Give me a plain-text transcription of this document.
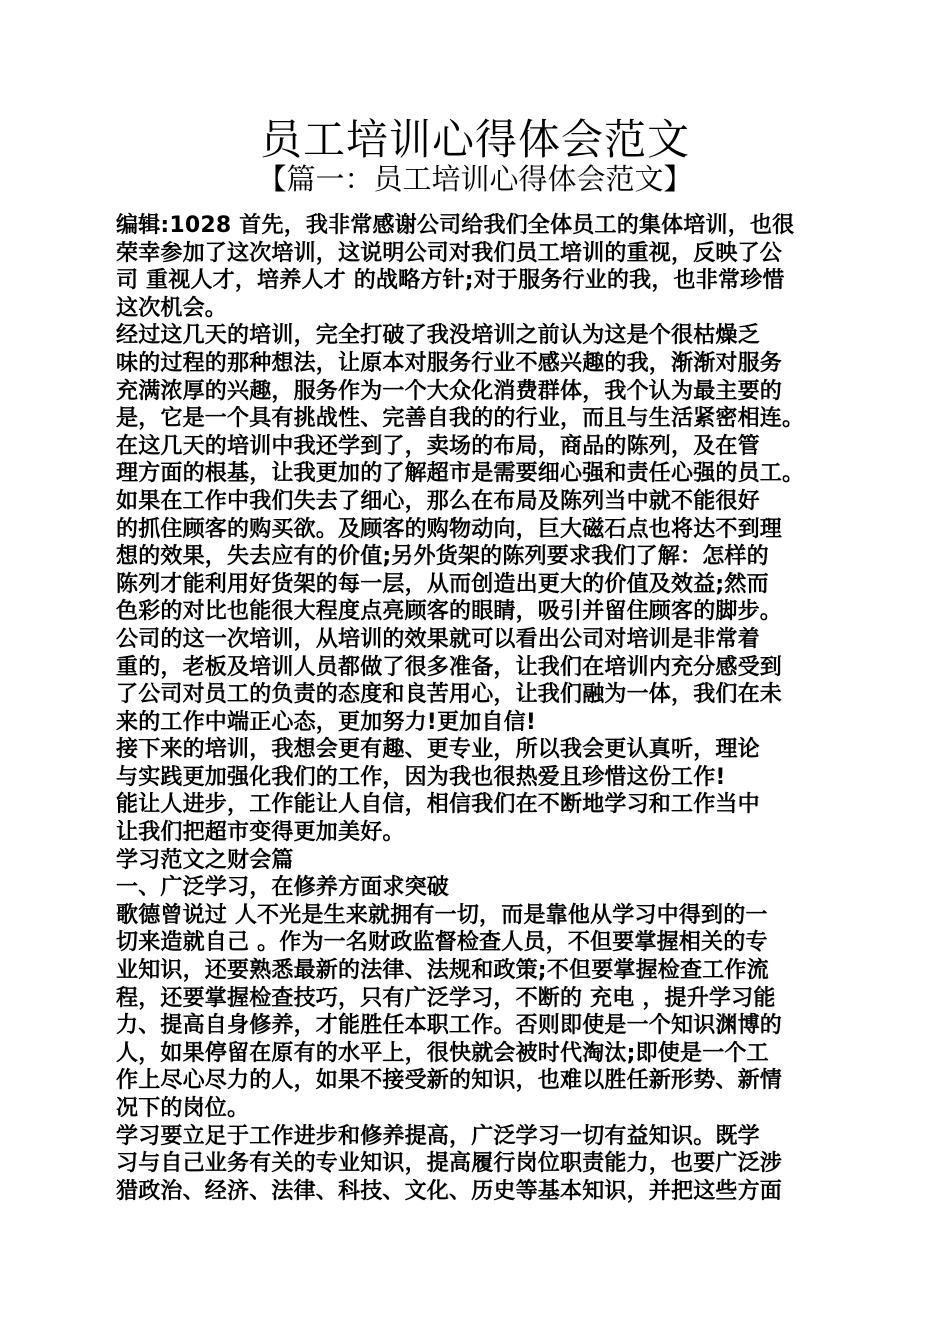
员工培训心得体会范文
【篇一：员工培训心得体会范文】
编辑:1028 首先，我非常感谢公司给我们全体员工的集体培训，也很
荣幸参加了这次培训，这说明公司对我们员工培训的重视，反映了公
司 重视人才，培养人才 的战略方针;对于服务行业的我，也非常珍惜
这次机会。
经过这几天的培训，完全打破了我没培训之前认为这是个很枯燥乏
味的过程的那种想法，让原本对服务行业不感兴趣的我，渐渐对服务
充满浓厚的兴趣，服务作为一个大众化消费群体，我个认为最主要的
是，它是一个具有挑战性、完善自我的的行业，而且与生活紧密相连。
在这几天的培训中我还学到了，卖场的布局，商品的陈列，及在管
理方面的根基，让我更加的了解超市是需要细心强和责任心强的员工。
如果在工作中我们失去了细心，那么在布局及陈列当中就不能很好
的抓住顾客的购买欲。及顾客的购物动向，巨大磁石点也将达不到理
想的效果，失去应有的价值;另外货架的陈列要求我们了解：怎样的
陈列才能利用好货架的每一层，从而创造出更大的价值及效益;然而
色彩的对比也能很大程度点亮顾客的眼睛，吸引并留住顾客的脚步。
公司的这一次培训，从培训的效果就可以看出公司对培训是非常着
重的，老板及培训人员都做了很多准备，让我们在培训内充分感受到
了公司对员工的负责的态度和良苦用心，让我们融为一体，我们在未
来的工作中端正心态，更加努力!更加自信!
接下来的培训，我想会更有趣、更专业，所以我会更认真听，理论
与实践更加强化我们的工作，因为我也很热爱且珍惜这份工作!
能让人进步，工作能让人自信，相信我们在不断地学习和工作当中
让我们把超市变得更加美好。
学习范文之财会篇
一、广泛学习，在修养方面求突破
歌德曾说过 人不光是生来就拥有一切，而是靠他从学习中得到的一
切来造就自己 。作为一名财政监督检查人员，不但要掌握相关的专
业知识，还要熟悉最新的法律、法规和政策;不但要掌握检查工作流
程，还要掌握检查技巧，只有广泛学习，不断的 充电 ，提升学习能
力、提高自身修养，才能胜任本职工作。否则即使是一个知识渊博的
人，如果停留在原有的水平上，很快就会被时代淘汰;即使是一个工
作上尽心尽力的人，如果不接受新的知识，也难以胜任新形势、新情
况下的岗位。
学习要立足于工作进步和修养提高，广泛学习一切有益知识。既学
习与自己业务有关的专业知识，提高履行岗位职责能力，也要广泛涉
猎政治、经济、法律、科技、文化、历史等基本知识，并把这些方面
